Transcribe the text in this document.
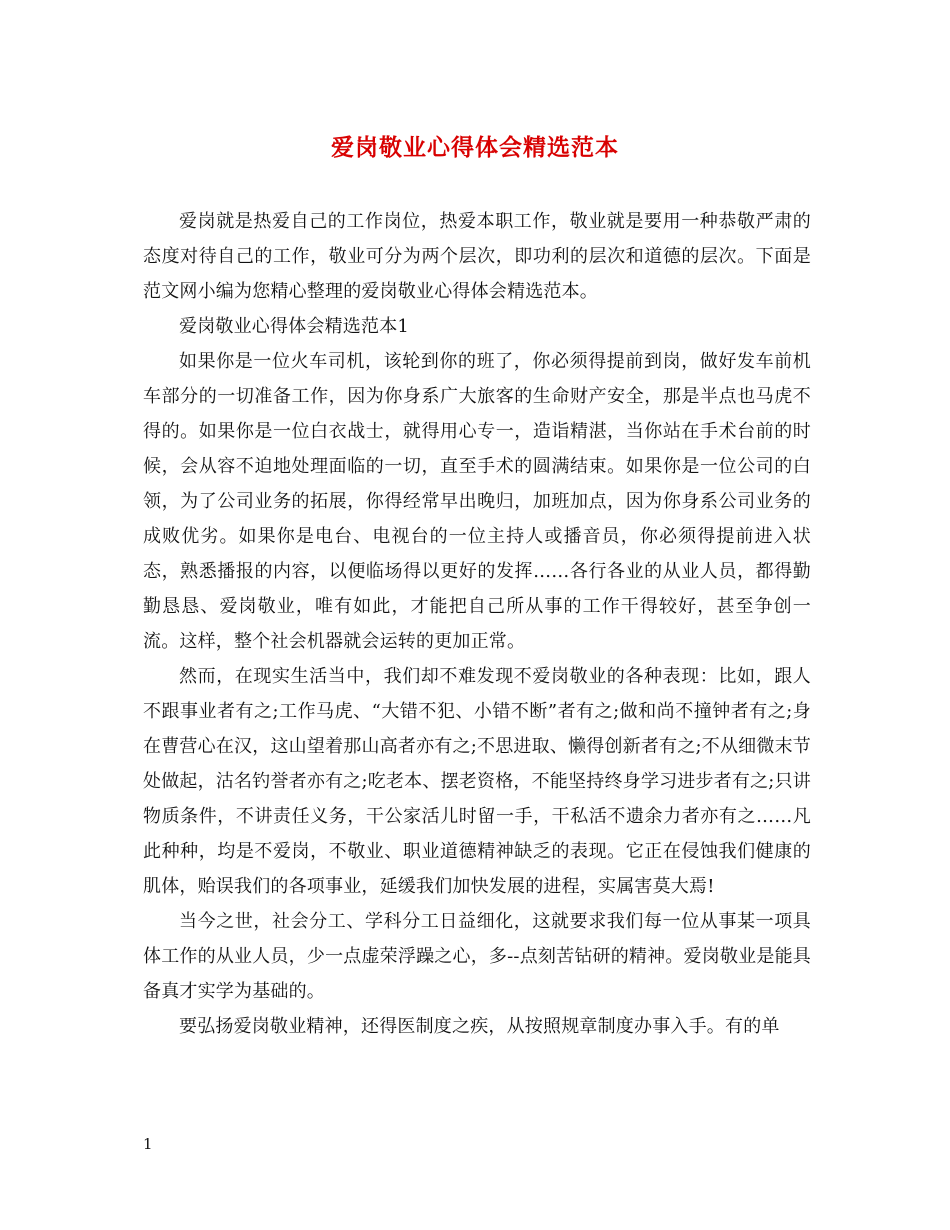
爱岗敬业心得体会精选范本

爱岗就是热爱自己的工作岗位，热爱本职工作，敬业就是要用一种恭敬严肃的态度对待自己的工作，敬业可分为两个层次，即功利的层次和道德的层次。下面是范文网小编为您精心整理的爱岗敬业心得体会精选范本。

爱岗敬业心得体会精选范本1

如果你是一位火车司机，该轮到你的班了，你必须得提前到岗，做好发车前机车部分的一切准备工作，因为你身系广大旅客的生命财产安全，那是半点也马虎不得的。如果你是一位白衣战士，就得用心专一，造诣精湛，当你站在手术台前的时候，会从容不迫地处理面临的一切，直至手术的圆满结束。如果你是一位公司的白领，为了公司业务的拓展，你得经常早出晚归，加班加点，因为你身系公司业务的成败优劣。如果你是电台、电视台的一位主持人或播音员，你必须得提前进入状态，熟悉播报的内容，以便临场得以更好的发挥……各行各业的从业人员，都得勤勤恳恳、爱岗敬业，唯有如此，才能把自己所从事的工作干得较好，甚至争创一流。这样，整个社会机器就会运转的更加正常。

然而，在现实生活当中，我们却不难发现不爱岗敬业的各种表现：比如，跟人不跟事业者有之;工作马虎、“大错不犯、小错不断”者有之;做和尚不撞钟者有之;身在曹营心在汉，这山望着那山高者亦有之;不思进取、懒得创新者有之;不从细微末节处做起，沽名钓誉者亦有之;吃老本、摆老资格，不能坚持终身学习进步者有之;只讲物质条件，不讲责任义务，干公家活儿时留一手，干私活不遗余力者亦有之……凡此种种，均是不爱岗，不敬业、职业道德精神缺乏的表现。它正在侵蚀我们健康的肌体，贻误我们的各项事业，延缓我们加快发展的进程，实属害莫大焉!

当今之世，社会分工、学科分工日益细化，这就要求我们每一位从事某一项具体工作的从业人员，少一点虚荣浮躁之心，多--点刻苦钻研的精神。爱岗敬业是能具备真才实学为基础的。

要弘扬爱岗敬业精神，还得医制度之疾，从按照规章制度办事入手。有的单

1
